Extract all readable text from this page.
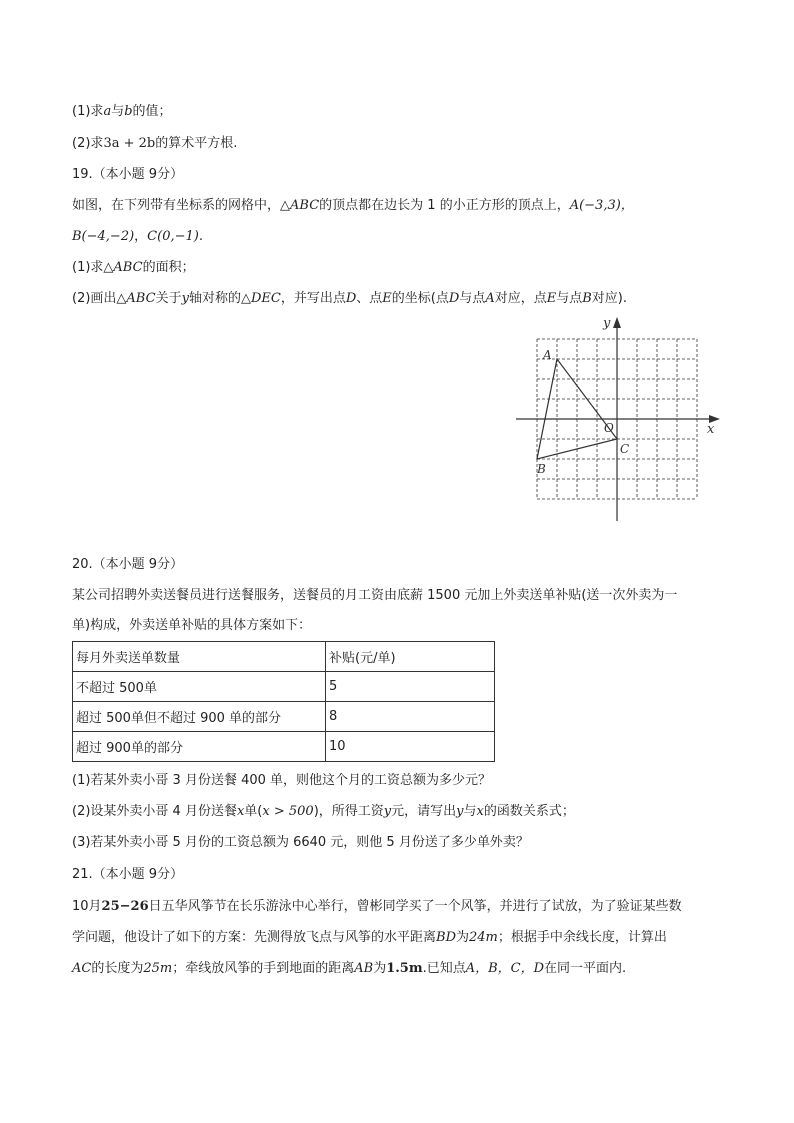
(1)求a与b的值；
(2)求3a + 2b的算术平方根.
19.（本小题 9分）
如图，在下列带有坐标系的网格中，△ABC的顶点都在边长为 1 的小正方形的顶点上，A(−3,3)，
B(−4,−2)，C(0,−1).
(1)求△ABC的面积；
(2)画出△ABC关于y轴对称的△DEC，并写出点D、点E的坐标(点D与点A对应，点E与点B对应).
A
B
C
x
y
O
20.（本小题 9分）
某公司招聘外卖送餐员进行送餐服务，送餐员的月工资由底薪 1500 元加上外卖送单补贴(送一次外卖为一
单)构成，外卖送单补贴的具体方案如下：
每月外卖送单数量	补贴(元/单)
不超过 500单	5
超过 500单但不超过 900 单的部分	8
超过 900单的部分	10
(1)若某外卖小哥 3 月份送餐 400 单，则他这个月的工资总额为多少元？
(2)设某外卖小哥 4 月份送餐x单(x > 500)，所得工资y元，请写出y与x的函数关系式；
(3)若某外卖小哥 5 月份的工资总额为 6640 元，则他 5 月份送了多少单外卖？
21.（本小题 9分）
10月25−26日五华风筝节在长乐游泳中心举行，曾彬同学买了一个风筝，并进行了试放，为了验证某些数
学问题，他设计了如下的方案：先测得放飞点与风筝的水平距离BD为24m；根据手中余线长度，计算出
AC的长度为25m；牵线放风筝的手到地面的距离AB为1.5m.已知点A，B，C，D在同一平面内.
